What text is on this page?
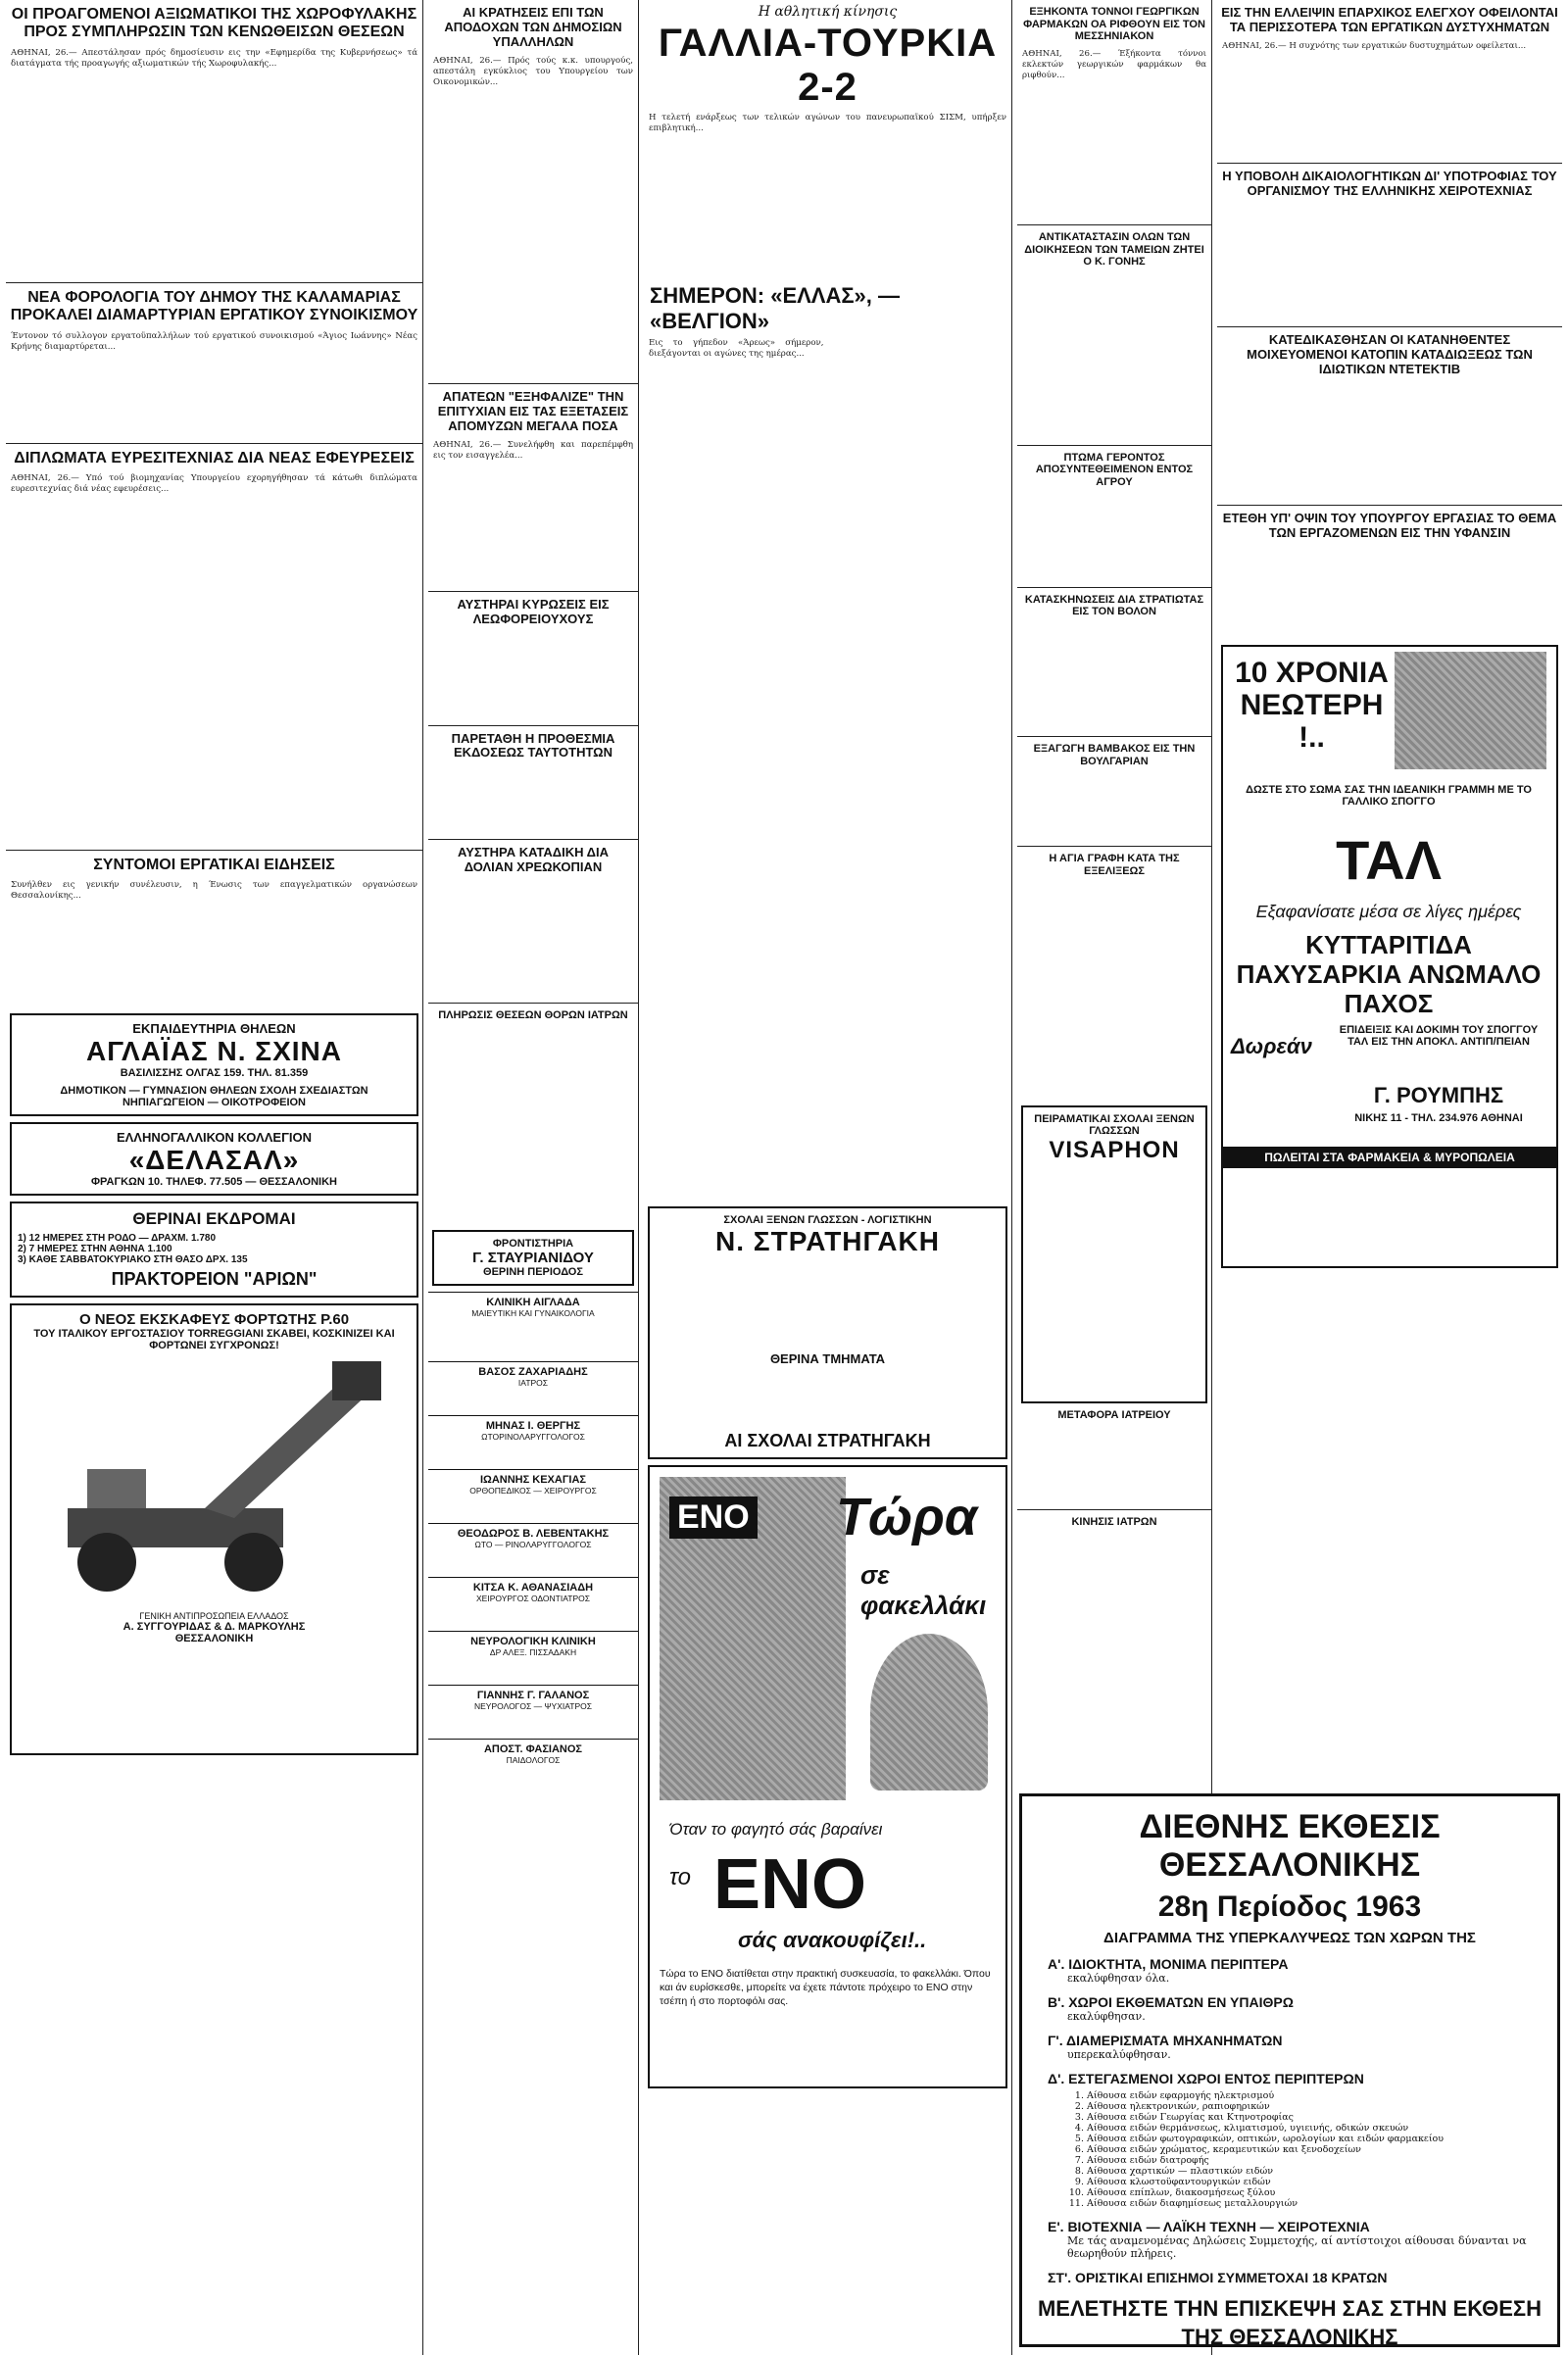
ΟΙ ΠΡΟΑΓΟΜΕΝΟΙ ΑΞΙΩΜΑΤΙΚΟΙ ΤΗΣ ΧΩΡΟΦΥΛΑΚΗΣ ΠΡΟΣ ΣΥΜΠΛΗΡΩΣΙΝ ΤΩΝ ΚΕΝΩΘΕΙΣΩΝ ΘΕΣΕΩΝ
ΑΘΗΝΑΙ, 26.— Απεστάλησαν πρός δημοσίευσιν εις την «Εφημερίδα της Κυβερνήσεως» τά διατάγματα τής προαγωγής αξιωματικών τής Χωροφυλακής...
ΝΕΑ ΦΟΡΟΛΟΓΙΑ ΤΟΥ ΔΗΜΟΥ ΤΗΣ ΚΑΛΑΜΑΡΙΑΣ ΠΡΟΚΑΛΕΙ ΔΙΑΜΑΡΤΥΡΙΑΝ ΕΡΓΑΤΙΚΟΥ ΣΥΝΟΙΚΙΣΜΟΥ
Έντονον τό συλλογον εργατοϋπαλλήλων τού εργατικού συνοικισμού «Άγιος Ιωάννης» Νέας Κρήνης διαμαρτύρεται...
ΔΙΠΛΩΜΑΤΑ ΕΥΡΕΣΙΤΕΧΝΙΑΣ ΔΙΑ ΝΕΑΣ ΕΦΕΥΡΕΣΕΙΣ
ΑΘΗΝΑΙ, 26.— Υπό τού βιομηχανίας Υπουργείου εχορηγήθησαν τά κάτωθι διπλώματα ευρεσιτεχνίας διά νέας εφευρέσεις...
ΣΥΝΤΟΜΟΙ ΕΡΓΑΤΙΚΑΙ ΕΙΔΗΣΕΙΣ
Συνήλθεν εις γενικήν συνέλευσιν, η Ένωσις των επαγγελματικών οργανώσεων Θεσσαλονίκης...
ΕΚΠΑΙΔΕΥΤΗΡΙΑ ΘΗΛΕΩΝ
ΑΓΛΑΪΑΣ Ν. ΣΧΙΝΑ
ΒΑΣΙΛΙΣΣΗΣ ΟΛΓΑΣ 159. ΤΗΛ. 81.359
ΔΗΜΟΤΙΚΟΝ — ΓΥΜΝΑΣΙΟΝ ΘΗΛΕΩΝ ΣΧΟΛΗ ΣΧΕΔΙΑΣΤΩΝ ΝΗΠΙΑΓΩΓΕΙΟΝ — ΟΙΚΟΤΡΟΦΕΙΟΝ
ΕΛΛΗΝΟΓΑΛΛΙΚΟΝ ΚΟΛΛΕΓΙΟΝ
«ΔΕΛΑΣΑΛ»
ΦΡΑΓΚΩΝ 10. ΤΗΛΕΦ. 77.505 — ΘΕΣΣΑΛΟΝΙΚΗ
ΘΕΡΙΝΑΙ ΕΚΔΡΟΜΑΙ
1) 12 ΗΜΕΡΕΣ ΣΤΗ ΡΟΔΟ — ΔΡΑΧΜ. 1.780
2) 7 ΗΜΕΡΕΣ ΣΤΗΝ ΑΘΗΝΑ 1.100
3) ΚΑΘΕ ΣΑΒΒΑΤΟΚΥΡΙΑΚΟ ΣΤΗ ΘΑΣΟ ΔΡΧ. 135
ΠΡΑΚΤΟΡΕΙΟΝ "ΑΡΙΩΝ"
Ο ΝΕΟΣ ΕΚΣΚΑΦΕΥΣ ΦΟΡΤΩΤΗΣ P.60
ΤΟΥ ΙΤΑΛΙΚΟΥ ΕΡΓΟΣΤΑΣΙΟΥ TORREGGIANI ΣΚΑΒΕΙ, ΚΟΣΚΙΝΙΖΕΙ ΚΑΙ ΦΟΡΤΩΝΕΙ ΣΥΓΧΡΟΝΩΣ!
ΓΕΝΙΚΗ ΑΝΤΙΠΡΟΣΩΠΕΙΑ ΕΛΛΑΔΟΣ
Α. ΣΥΓΓΟΥΡΙΔΑΣ & Δ. ΜΑΡΚΟΥΛΗΣ
ΘΕΣΣΑΛΟΝΙΚΗ
ΑΙ ΚΡΑΤΗΣΕΙΣ ΕΠΙ ΤΩΝ ΑΠΟΔΟΧΩΝ ΤΩΝ ΔΗΜΟΣΙΩΝ ΥΠΑΛΛΗΛΩΝ
ΑΘΗΝΑΙ, 26.— Πρός τούς κ.κ. υπουργούς, απεστάλη εγκύκλιος του Υπουργείου των Οικονομικών...
ΑΠΑΤΕΩΝ "ΕΞΗΦΑΛΙΖΕ" ΤΗΝ ΕΠΙΤΥΧΙΑΝ ΕΙΣ ΤΑΣ ΕΞΕΤΑΣΕΙΣ ΑΠΟΜΥΖΩΝ ΜΕΓΑΛΑ ΠΟΣΑ
ΑΘΗΝΑΙ, 26.— Συνελήφθη και παρεπέμφθη εις τον εισαγγελέα...
ΑΥΣΤΗΡΑΙ ΚΥΡΩΣΕΙΣ ΕΙΣ ΛΕΩΦΟΡΕΙΟΥΧΟΥΣ
ΠΑΡΕΤΑΘΗ Η ΠΡΟΘΕΣΜΙΑ ΕΚΔΟΣΕΩΣ ΤΑΥΤΟΤΗΤΩΝ
ΑΥΣΤΗΡΑ ΚΑΤΑΔΙΚΗ ΔΙΑ ΔΟΛΙΑΝ ΧΡΕΩΚΟΠΙΑΝ
ΠΛΗΡΩΣΙΣ ΘΕΣΕΩΝ ΘΟΡΩΝ ΙΑΤΡΩΝ
ΦΡΟΝΤΙΣΤΗΡΙΑ
Γ. ΣΤΑΥΡΙΑΝΙΔΟΥ
ΘΕΡΙΝΗ ΠΕΡΙΟΔΟΣ
ΚΛΙΝΙΚΗ ΑΙΓΛΑΔΑ
ΜΑΙΕΥΤΙΚΗ ΚΑΙ ΓΥΝΑΙΚΟΛΟΓΙΑ
ΒΑΣΟΣ ΖΑΧΑΡΙΑΔΗΣ
ΙΑΤΡΟΣ
ΜΗΝΑΣ Ι. ΘΕΡΓΗΣ
ΩΤΟΡΙΝΟΛΑΡΥΓΓΟΛΟΓΟΣ
ΙΩΑΝΝΗΣ ΚΕΧΑΓΙΑΣ
ΟΡΘΟΠΕΔΙΚΟΣ — ΧΕΙΡΟΥΡΓΟΣ
ΘΕΟΔΩΡΟΣ Β. ΛΕΒΕΝΤΑΚΗΣ
ΩΤΟ — ΡΙΝΟΛΑΡΥΓΓΟΛΟΓΟΣ
ΚΙΤΣΑ Κ. ΑΘΑΝΑΣΙΑΔΗ
ΧΕΙΡΟΥΡΓΟΣ ΟΔΟΝΤΙΑΤΡΟΣ
ΝΕΥΡΟΛΟΓΙΚΗ ΚΛΙΝΙΚΗ
ΔΡ ΑΛΕΞ. ΠΙΣΣΑΔΑΚΗ
ΓΙΑΝΝΗΣ Γ. ΓΑΛΑΝΟΣ
ΝΕΥΡΟΛΟΓΟΣ — ΨΥΧΙΑΤΡΟΣ
ΑΠΟΣΤ. ΦΑΣΙΑΝΟΣ
ΠΑΙΔΟΛΟΓΟΣ
Η αθλητική κίνησις
ΓΑΛΛΙΑ-ΤΟΥΡΚΙΑ 2-2
Η τελετή ενάρξεως των τελικών αγώνων του πανευρωπαϊκού ΣΙΣΜ, υπήρξεν επιβλητική...
ΣΗΜΕΡΟΝ: «ΕΛΛΑΣ», — «ΒΕΛΓΙΟΝ»
Εις το γήπεδον «Άρεως» σήμερον, διεξάγονται οι αγώνες της ημέρας...
ΣΧΟΛΑΙ ΞΕΝΩΝ ΓΛΩΣΣΩΝ - ΛΟΓΙΣΤΙΚΗΝ
Ν. ΣΤΡΑΤΗΓΑΚΗ
ΘΕΡΙΝΑ ΤΜΗΜΑΤΑ
ΑΙ ΣΧΟΛΑΙ ΣΤΡΑΤΗΓΑΚΗ
ENO Τώρα
σε φακελλάκι
Όταν το φαγητό σάς βαραίνει
το ENO
σάς ανακουφίζει!..
Τώρα το ENO διατίθεται στην πρακτική συσκευασία, το φακελλάκι. Όπου και άν ευρίσκεσθε, μπορείτε να έχετε πάντοτε πρόχειρο το ENO στην τσέπη ή στο πορτοφόλι σας.
ΕΞΗΚΟΝΤΑ ΤΟΝΝΟΙ ΓΕΩΡΓΙΚΩΝ ΦΑΡΜΑΚΩΝ ΟΑ ΡΙΦΘΟΥΝ ΕΙΣ ΤΟΝ ΜΕΣΣΗΝΙΑΚΟΝ
ΑΘΗΝΑΙ, 26.— Έξήκοντα τόννοι εκλεκτών γεωργικών φαρμάκων θα ριφθούν...
ΑΝΤΙΚΑΤΑΣΤΑΣΙΝ ΟΛΩΝ ΤΩΝ ΔΙΟΙΚΗΣΕΩΝ ΤΩΝ ΤΑΜΕΙΩΝ ΖΗΤΕΙ Ο Κ. ΓΟΝΗΣ
ΠΤΩΜΑ ΓΕΡΟΝΤΟΣ ΑΠΟΣΥΝΤΕΘΕΙΜΕΝΟΝ ΕΝΤΟΣ ΑΓΡΟΥ
ΚΑΤΑΣΚΗΝΩΣΕΙΣ ΔΙΑ ΣΤΡΑΤΙΩΤΑΣ ΕΙΣ ΤΟΝ ΒΟΛΟΝ
ΕΞΑΓΩΓΗ ΒΑΜΒΑΚΟΣ ΕΙΣ ΤΗΝ ΒΟΥΛΓΑΡΙΑΝ
Η ΑΓΙΑ ΓΡΑΦΗ ΚΑΤΑ ΤΗΣ ΕΞΕΛΙΞΕΩΣ
ΠΕΙΡΑΜΑΤΙΚΑΙ ΣΧΟΛΑΙ ΞΕΝΩΝ ΓΛΩΣΣΩΝ
VISAPHON
ΜΕΤΑΦΟΡΑ ΙΑΤΡΕΙΟΥ
ΚΙΝΗΣΙΣ ΙΑΤΡΩΝ
ΕΙΣ ΤΗΝ ΕΛΛΕΙΨΙΝ ΕΠΑΡΧΙΚΟΣ ΕΛΕΓΧΟΥ ΟΦΕΙΛΟΝΤΑΙ ΤΑ ΠΕΡΙΣΣΟΤΕΡΑ ΤΩΝ ΕΡΓΑΤΙΚΩΝ ΔΥΣΤΥΧΗΜΑΤΩΝ
ΑΘΗΝΑΙ, 26.— Η συχνότης των εργατικών δυστυχημάτων οφείλεται...
Η ΥΠΟΒΟΛΗ ΔΙΚΑΙΟΛΟΓΗΤΙΚΩΝ ΔΙ' ΥΠΟΤΡΟΦΙΑΣ ΤΟΥ ΟΡΓΑΝΙΣΜΟΥ ΤΗΣ ΕΛΛΗΝΙΚΗΣ ΧΕΙΡΟΤΕΧΝΙΑΣ
ΚΑΤΕΔΙΚΑΣΘΗΣΑΝ ΟΙ ΚΑΤΑΝΗΘΕΝΤΕΣ ΜΟΙΧΕΥΟΜΕΝΟΙ ΚΑΤΟΠΙΝ ΚΑΤΑΔΙΩΞΕΩΣ ΤΩΝ ΙΔΙΩΤΙΚΩΝ ΝΤΕΤΕΚΤΙΒ
ΕΤΕΘΗ ΥΠ' ΟΨΙΝ ΤΟΥ ΥΠΟΥΡΓΟΥ ΕΡΓΑΣΙΑΣ ΤΟ ΘΕΜΑ ΤΩΝ ΕΡΓΑΖΟΜΕΝΩΝ ΕΙΣ ΤΗΝ ΥΦΑΝΣΙΝ
10 ΧΡΟΝΙΑ ΝΕΩΤΕΡΗ !..
ΔΩΣΤΕ ΣΤΟ ΣΩΜΑ ΣΑΣ ΤΗΝ ΙΔΕΑΝΙΚΗ ΓΡΑΜΜΗ ΜΕ ΤΟ ΓΑΛΛΙΚΟ ΣΠΟΓΓΟ
ΤΑΛ
Εξαφανίσατε μέσα σε λίγες ημέρες
ΚΥΤΤΑΡΙΤΙΔΑ ΠΑΧΥΣΑΡΚΙΑ ΑΝΩΜΑΛΟ ΠΑΧΟΣ
Δωρεάν
ΕΠΙΔΕΙΞΙΣ ΚΑΙ ΔΟΚΙΜΗ ΤΟΥ ΣΠΟΓΓΟΥ ΤΑΛ ΕΙΣ ΤΗΝ ΑΠΟΚΛ. ΑΝΤΙΠ/ΠΕΙΑΝ
Γ. ΡΟΥΜΠΗΣ
ΝΙΚΗΣ 11 - ΤΗΛ. 234.976 ΑΘΗΝΑΙ
ΠΩΛΕΙΤΑΙ ΣΤΑ ΦΑΡΜΑΚΕΙΑ & ΜΥΡΟΠΩΛΕΙΑ
ΔΙΕΘΝΗΣ ΕΚΘΕΣΙΣ ΘΕΣΣΑΛΟΝΙΚΗΣ
28η Περίοδος 1963
ΔΙΑΓΡΑΜΜΑ ΤΗΣ ΥΠΕΡΚΑΛΥΨΕΩΣ ΤΩΝ ΧΩΡΩΝ ΤΗΣ
Α'. ΙΔΙΟΚΤΗΤΑ, ΜΟΝΙΜΑ ΠΕΡΙΠΤΕΡΑ
εκαλύφθησαν όλα.
Β'. ΧΩΡΟΙ ΕΚΘΕΜΑΤΩΝ ΕΝ ΥΠΑΙΘΡΩ
εκαλύφθησαν.
Γ'. ΔΙΑΜΕΡΙΣΜΑΤΑ ΜΗΧΑΝΗΜΑΤΩΝ
υπερεκαλύφθησαν.
Δ'. ΕΣΤΕΓΑΣΜΕΝΟΙ ΧΩΡΟΙ ΕΝΤΟΣ ΠΕΡΙΠΤΕΡΩΝ
1. Αίθουσα ειδών εφαρμογής ηλεκτρισμού
2. Αίθουσα ηλεκτρονικών, ραπιοφηρικών
3. Αίθουσα ειδών Γεωργίας και Κτηνοτροφίας
4. Αίθουσα ειδών θερμάνσεως, κλιματισμού, υγιεινής, οδικών σκευών
5. Αίθουσα ειδών φωτογραφικών, οπτικών, ωρολογίων και ειδών φαρμακείου
6. Αίθουσα ειδών χρώματος, κεραμευτικών και ξενοδοχείων
7. Αίθουσα ειδών διατροφής
8. Αίθουσα χαρτικών — πλαστικών ειδών
9. Αίθουσα κλωστοϋφαντουργικών ειδών
10. Αίθουσα επίπλων, διακοσμήσεως ξύλου
11. Αίθουσα ειδών διαφημίσεως μεταλλουργιών
Ε'. ΒΙΟΤΕΧΝΙΑ — ΛΑΪΚΗ ΤΕΧΝΗ — ΧΕΙΡΟΤΕΧΝΙΑ
Με τάς αναμενομένας Δηλώσεις Συμμετοχής, αί αντίστοιχοι αίθουσαι δύνανται να θεωρηθούν πλήρεις.
ΣΤ'. ΟΡΙΣΤΙΚΑΙ ΕΠΙΣΗΜΟΙ ΣΥΜΜΕΤΟΧΑΙ 18 ΚΡΑΤΩΝ
ΜΕΛΕΤΗΣΤΕ ΤΗΝ ΕΠΙΣΚΕΨΗ ΣΑΣ ΣΤΗΝ ΕΚΘΕΣΗ ΤΗΣ ΘΕΣΣΑΛΟΝΙΚΗΣ
